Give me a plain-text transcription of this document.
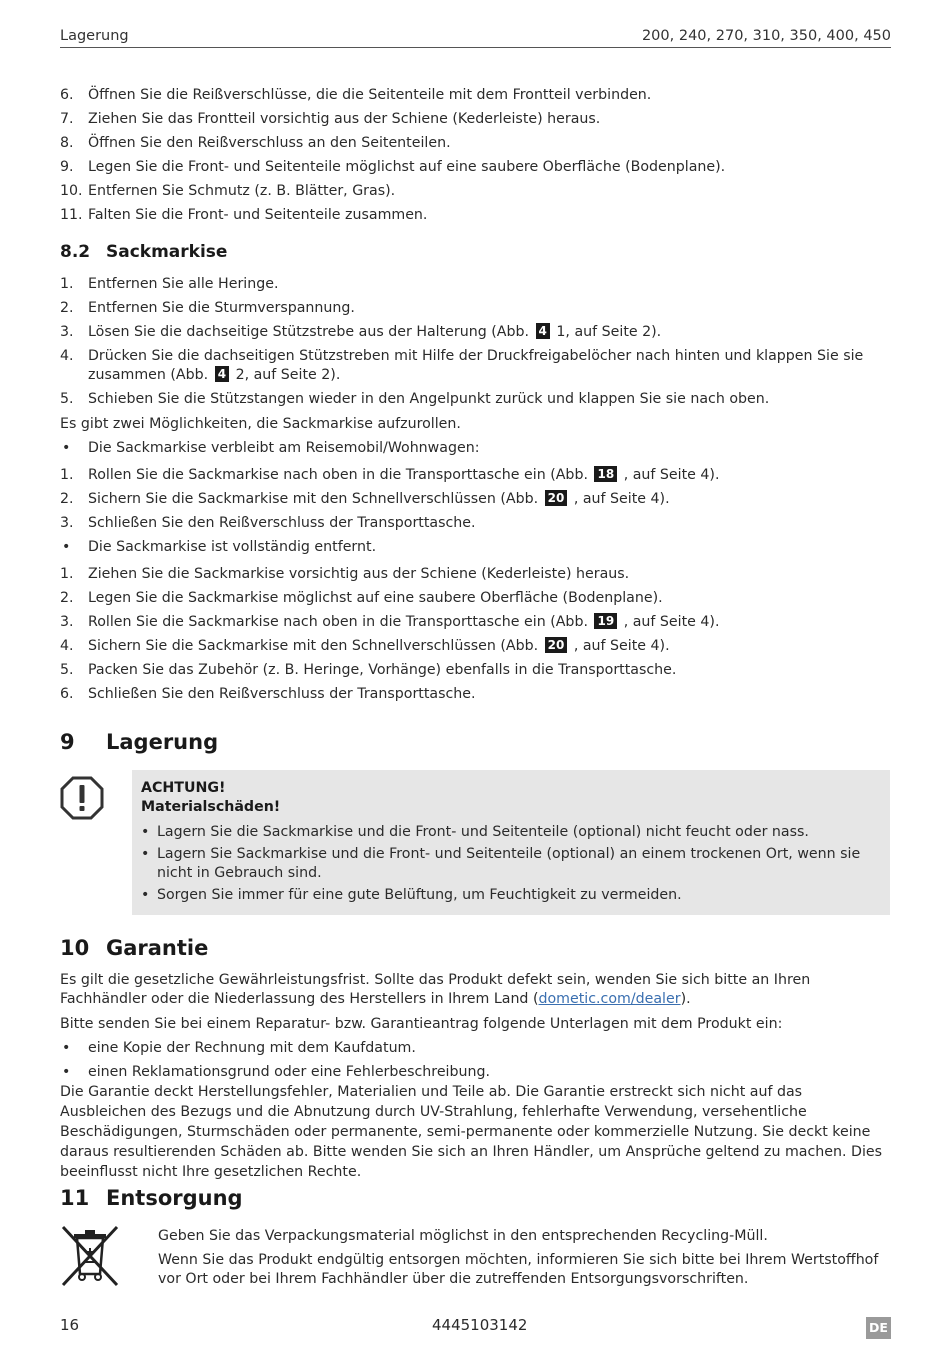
Lagerung	200, 240, 270, 310, 350, 400, 450
6. Öffnen Sie die Reißverschlüsse, die die Seitenteile mit dem Frontteil verbinden.
7. Ziehen Sie das Frontteil vorsichtig aus der Schiene (Kederleiste) heraus.
8. Öffnen Sie den Reißverschluss an den Seitenteilen.
9. Legen Sie die Front- und Seitenteile möglichst auf eine saubere Oberfläche (Bodenplane).
10. Entfernen Sie Schmutz (z. B. Blätter, Gras).
11. Falten Sie die Front- und Seitenteile zusammen.
8.2 Sackmarkise
1. Entfernen Sie alle Heringe.
2. Entfernen Sie die Sturmverspannung.
3. Lösen Sie die dachseitige Stützstrebe aus der Halterung (Abb. 4 1, auf Seite 2).
4. Drücken Sie die dachseitigen Stützstreben mit Hilfe der Druckfreigabelöcher nach hinten und klappen Sie sie zusammen (Abb. 4 2, auf Seite 2).
5. Schieben Sie die Stützstangen wieder in den Angelpunkt zurück und klappen Sie sie nach oben.

Es gibt zwei Möglichkeiten, die Sackmarkise aufzurollen.

• Die Sackmarkise verbleibt am Reisemobil/Wohnwagen:
1. Rollen Sie die Sackmarkise nach oben in die Transporttasche ein (Abb. 18 , auf Seite 4).
2. Sichern Sie die Sackmarkise mit den Schnellverschlüssen (Abb. 20 , auf Seite 4).
3. Schließen Sie den Reißverschluss der Transporttasche.
• Die Sackmarkise ist vollständig entfernt.
1. Ziehen Sie die Sackmarkise vorsichtig aus der Schiene (Kederleiste) heraus.
2. Legen Sie die Sackmarkise möglichst auf eine saubere Oberfläche (Bodenplane).
3. Rollen Sie die Sackmarkise nach oben in die Transporttasche ein (Abb. 19 , auf Seite 4).
4. Sichern Sie die Sackmarkise mit den Schnellverschlüssen (Abb. 20 , auf Seite 4).
5. Packen Sie das Zubehör (z. B. Heringe, Vorhänge) ebenfalls in die Transporttasche.
6. Schließen Sie den Reißverschluss der Transporttasche.
9 Lagerung
ACHTUNG!
Materialschäden!
• Lagern Sie die Sackmarkise und die Front- und Seitenteile (optional) nicht feucht oder nass.
• Lagern Sie Sackmarkise und die Front- und Seitenteile (optional) an einem trockenen Ort, wenn sie nicht in Gebrauch sind.
• Sorgen Sie immer für eine gute Belüftung, um Feuchtigkeit zu vermeiden.
10 Garantie

Es gilt die gesetzliche Gewährleistungsfrist. Sollte das Produkt defekt sein, wenden Sie sich bitte an Ihren Fachhändler oder die Niederlassung des Herstellers in Ihrem Land (dometic.com/dealer).

Bitte senden Sie bei einem Reparatur- bzw. Garantieantrag folgende Unterlagen mit dem Produkt ein:

• eine Kopie der Rechnung mit dem Kaufdatum.
• einen Reklamationsgrund oder eine Fehlerbeschreibung.

Die Garantie deckt Herstellungsfehler, Materialien und Teile ab. Die Garantie erstreckt sich nicht auf das Ausbleichen des Bezugs und die Abnutzung durch UV-Strahlung, fehlerhafte Verwendung, versehentliche Beschädigungen, Sturmschäden oder permanente, semi-permanente oder kommerzielle Nutzung. Sie deckt keine daraus resultierenden Schäden ab. Bitte wenden Sie sich an Ihren Händler, um Ansprüche geltend zu machen. Dies beeinflusst nicht Ihre gesetzlichen Rechte.

11 Entsorgung

Geben Sie das Verpackungsmaterial möglichst in den entsprechenden Recycling-Müll.

Wenn Sie das Produkt endgültig entsorgen möchten, informieren Sie sich bitte bei Ihrem Wertstoffhof vor Ort oder bei Ihrem Fachhändler über die zutreffenden Entsorgungsvorschriften.

16	4445103142	DE
